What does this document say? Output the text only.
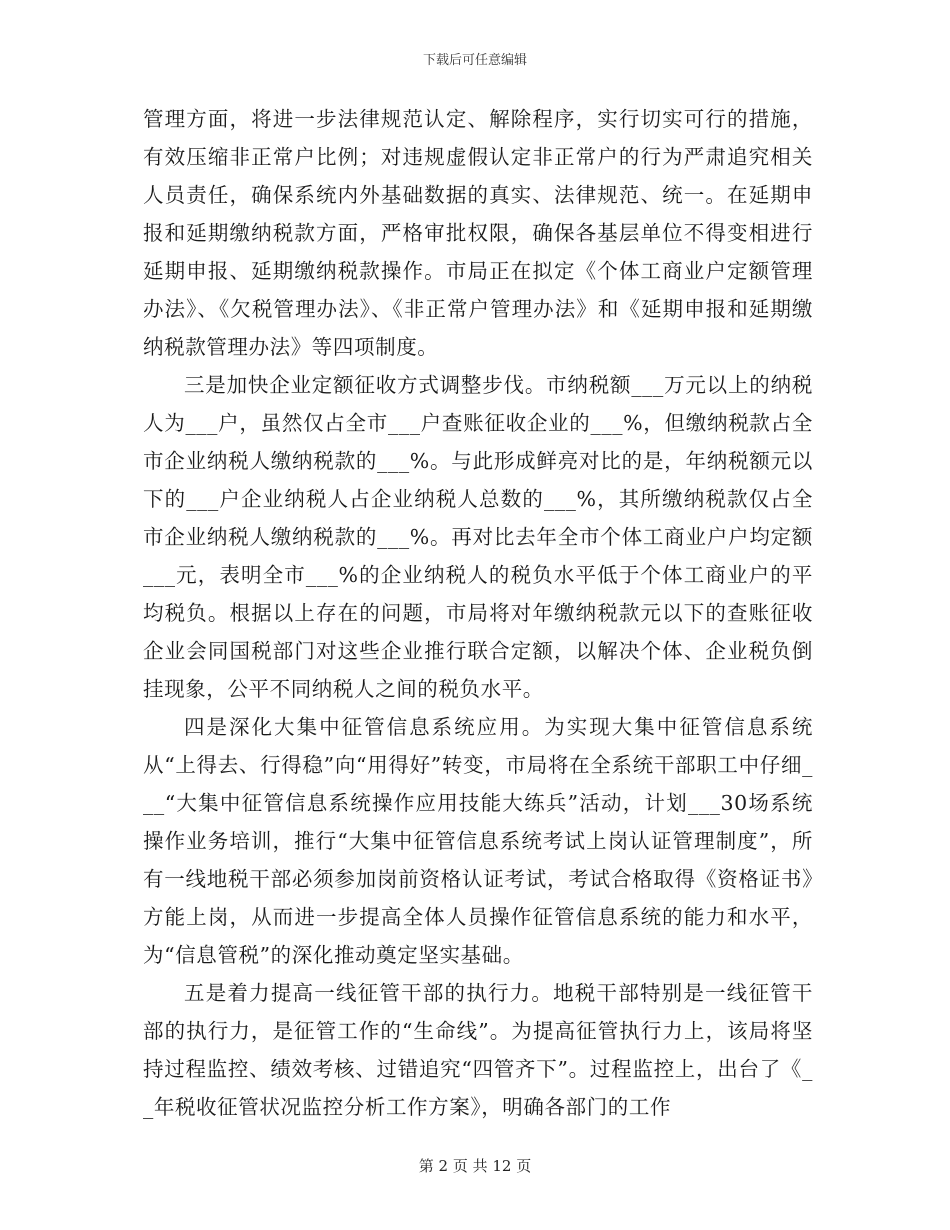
下载后可任意编辑

管理方面，将进一步法律规范认定、解除程序，实行切实可行的措施，有效压缩非正常户比例；对违规虚假认定非正常户的行为严肃追究相关人员责任，确保系统内外基础数据的真实、法律规范、统一。在延期申报和延期缴纳税款方面，严格审批权限，确保各基层单位不得变相进行延期申报、延期缴纳税款操作。市局正在拟定《个体工商业户定额管理办法》、《欠税管理办法》、《非正常户管理办法》和《延期申报和延期缴纳税款管理办法》等四项制度。

三是加快企业定额征收方式调整步伐。市纳税额___万元以上的纳税人为___户，虽然仅占全市___户查账征收企业的___%，但缴纳税款占全市企业纳税人缴纳税款的___%。与此形成鲜亮对比的是，年纳税额元以下的___户企业纳税人占企业纳税人总数的___%，其所缴纳税款仅占全市企业纳税人缴纳税款的___%。再对比去年全市个体工商业户户均定额___元，表明全市___%的企业纳税人的税负水平低于个体工商业户的平均税负。根据以上存在的问题，市局将对年缴纳税款元以下的查账征收企业会同国税部门对这些企业推行联合定额，以解决个体、企业税负倒挂现象，公平不同纳税人之间的税负水平。

四是深化大集中征管信息系统应用。为实现大集中征管信息系统从“上得去、行得稳”向“用得好”转变，市局将在全系统干部职工中仔细___“大集中征管信息系统操作应用技能大练兵”活动，计划___30场系统操作业务培训，推行“大集中征管信息系统考试上岗认证管理制度”，所有一线地税干部必须参加岗前资格认证考试，考试合格取得《资格证书》方能上岗，从而进一步提高全体人员操作征管信息系统的能力和水平，为“信息管税”的深化推动奠定坚实基础。

五是着力提高一线征管干部的执行力。地税干部特别是一线征管干部的执行力，是征管工作的“生命线”。为提高征管执行力上，该局将坚持过程监控、绩效考核、过错追究“四管齐下”。过程监控上，出台了《__年税收征管状况监控分析工作方案》，明确各部门的工作

第 2 页 共 12 页
